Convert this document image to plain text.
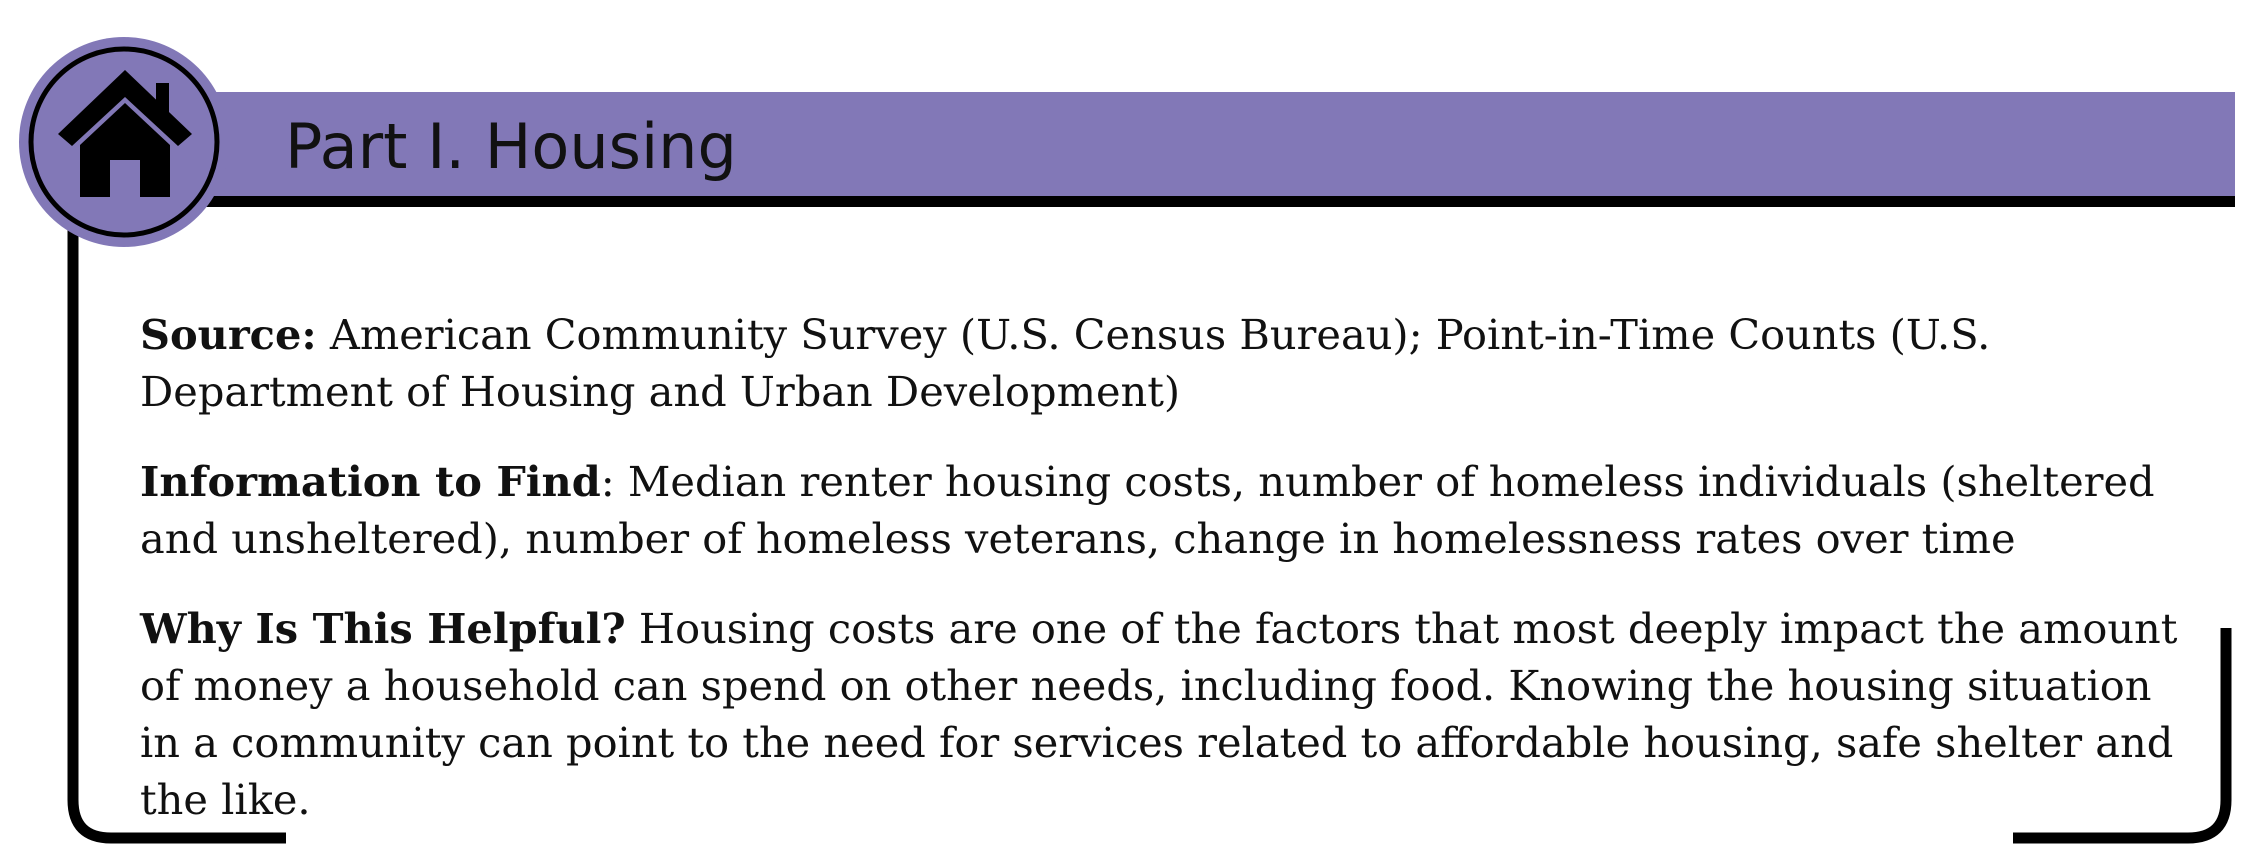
Part I. Housing

Source: American Community Survey (U.S. Census Bureau); Point-in-Time Counts (U.S. Department of Housing and Urban Development)

Information to Find: Median renter housing costs, number of homeless individuals (sheltered and unsheltered), number of homeless veterans, change in homelessness rates over time

Why Is This Helpful? Housing costs are one of the factors that most deeply impact the amount of money a household can spend on other needs, including food. Knowing the housing situation in a community can point to the need for services related to affordable housing, safe shelter and the like.
